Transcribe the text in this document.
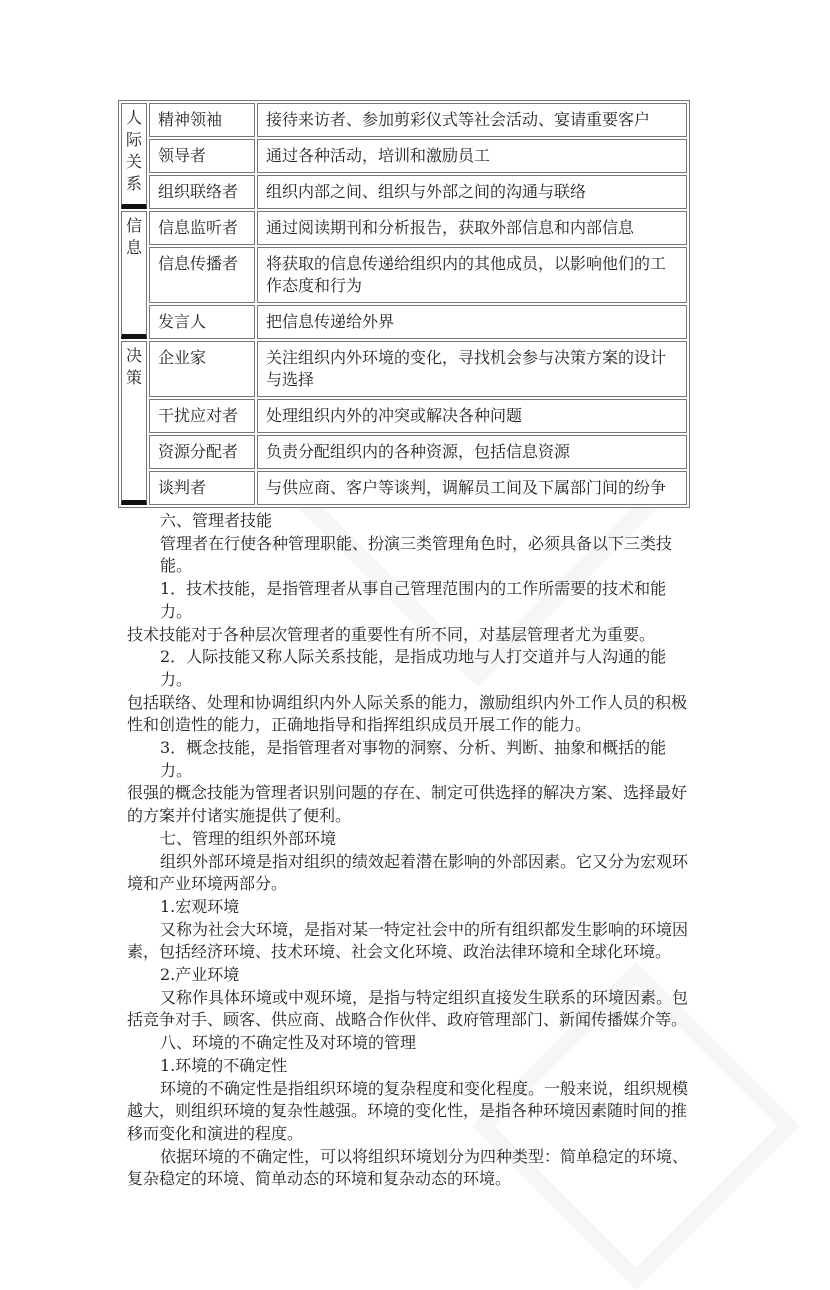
人际关系	精神领袖	接待来访者、参加剪彩仪式等社会活动、宴请重要客户
	领导者	通过各种活动，培训和激励员工
	组织联络者	组织内部之间、组织与外部之间的沟通与联络
信息	信息监听者	通过阅读期刊和分析报告，获取外部信息和内部信息
	信息传播者	将获取的信息传递给组织内的其他成员，以影响他们的工作态度和行为
	发言人	把信息传递给外界
决策	企业家	关注组织内外环境的变化，寻找机会参与决策方案的设计与选择
	干扰应对者	处理组织内外的冲突或解决各种问题
	资源分配者	负责分配组织内的各种资源，包括信息资源
	谈判者	与供应商、客户等谈判，调解员工间及下属部门间的纷争
六、管理者技能
管理者在行使各种管理职能、扮演三类管理角色时，必须具备以下三类技能。
1．技术技能，是指管理者从事自己管理范围内的工作所需要的技术和能力。
技术技能对于各种层次管理者的重要性有所不同，对基层管理者尤为重要。
2．人际技能又称人际关系技能，是指成功地与人打交道并与人沟通的能力。
包括联络、处理和协调组织内外人际关系的能力，激励组织内外工作人员的积极
性和创造性的能力，正确地指导和指挥组织成员开展工作的能力。
3．概念技能，是指管理者对事物的洞察、分析、判断、抽象和概括的能力。
很强的概念技能为管理者识别问题的存在、制定可供选择的解决方案、选择最好
的方案并付诸实施提供了便利。
七、管理的组织外部环境
组织外部环境是指对组织的绩效起着潜在影响的外部因素。它又分为宏观环
境和产业环境两部分。
1.宏观环境
又称为社会大环境，是指对某一特定社会中的所有组织都发生影响的环境因
素，包括经济环境、技术环境、社会文化环境、政治法律环境和全球化环境。
2.产业环境
又称作具体环境或中观环境，是指与特定组织直接发生联系的环境因素。包
括竞争对手、顾客、供应商、战略合作伙伴、政府管理部门、新闻传播媒介等。
八、环境的不确定性及对环境的管理
1.环境的不确定性
环境的不确定性是指组织环境的复杂程度和变化程度。一般来说，组织规模
越大，则组织环境的复杂性越强。环境的变化性，是指各种环境因素随时间的推
移而变化和演进的程度。
依据环境的不确定性，可以将组织环境划分为四种类型：简单稳定的环境、
复杂稳定的环境、简单动态的环境和复杂动态的环境。
